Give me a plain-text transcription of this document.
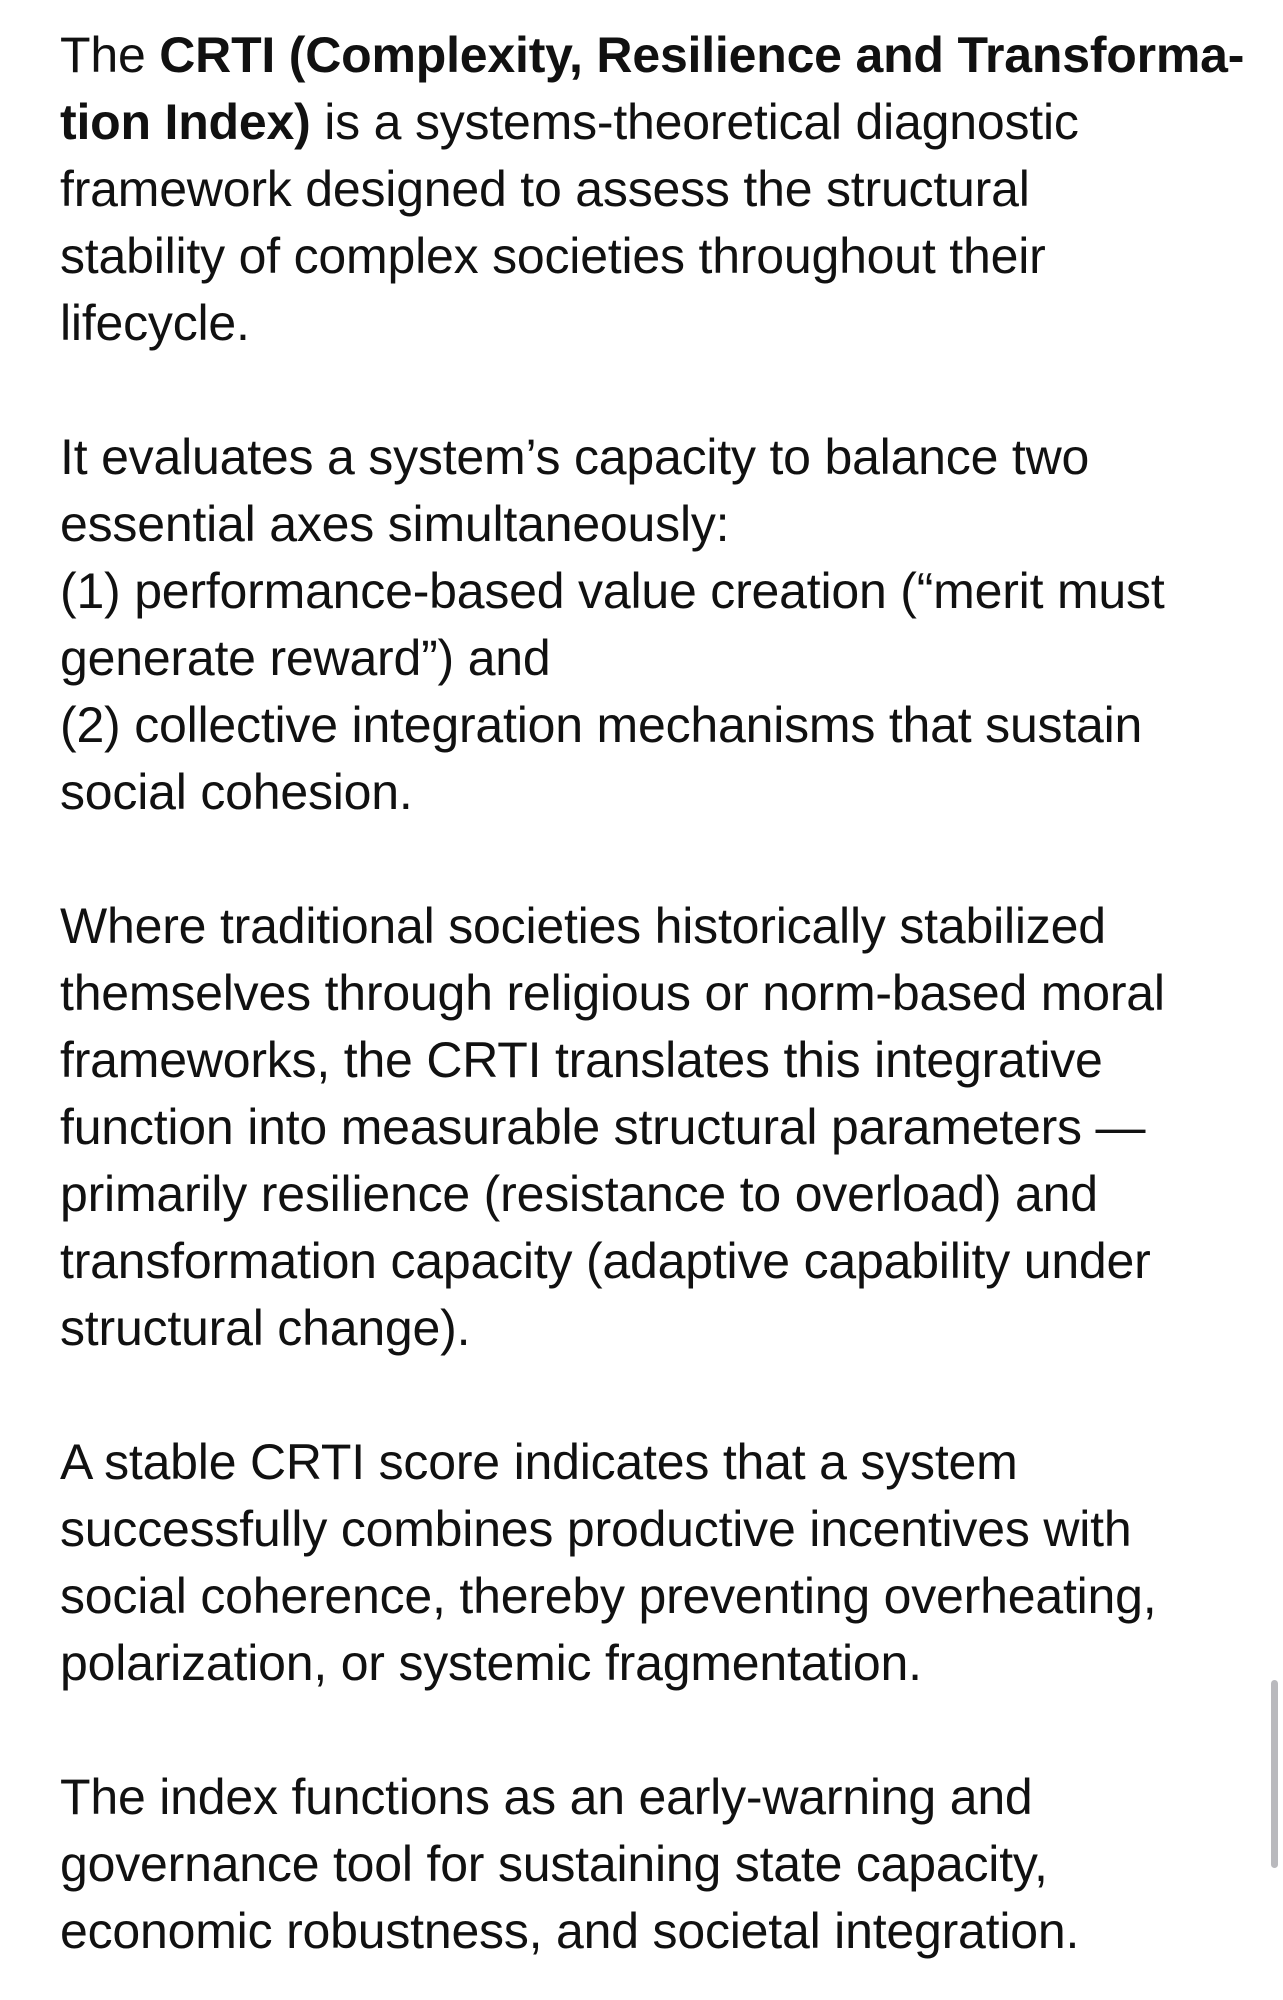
The CRTI (Complexity, Resilience and Transforma-
tion Index) is a systems-theoretical diagnostic
framework designed to assess the structural
stability of complex societies throughout their
lifecycle.
It evaluates a system’s capacity to balance two
essential axes simultaneously:
(1) performance-based value creation (“merit must
generate reward”) and
(2) collective integration mechanisms that sustain
social cohesion.
Where traditional societies historically stabilized
themselves through religious or norm-based moral
frameworks, the CRTI translates this integrative
function into measurable structural parameters —
primarily resilience (resistance to overload) and
transformation capacity (adaptive capability under
structural change).
A stable CRTI score indicates that a system
successfully combines productive incentives with
social coherence, thereby preventing overheating,
polarization, or systemic fragmentation.
The index functions as an early-warning and
governance tool for sustaining state capacity,
economic robustness, and societal integration.
